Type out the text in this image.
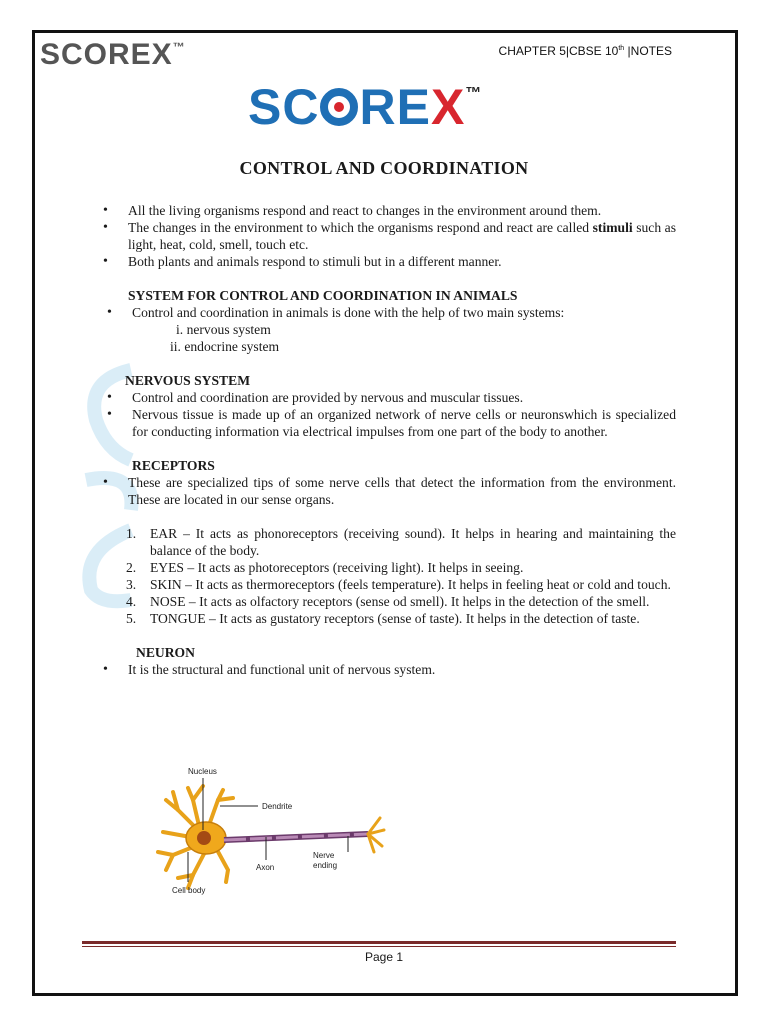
SCOREX™	CHAPTER 5|CBSE 10th |NOTES
SC REX™
CONTROL AND COORDINATION
• All the living organisms respond and react to changes in the environment around them.
• The changes in the environment to which the organisms respond and react are called stimuli such as light, heat, cold, smell, touch etc.
• Both plants and animals respond to stimuli but in a different manner.
SYSTEM FOR CONTROL AND COORDINATION IN ANIMALS
• Control and coordination in animals is done with the help of two main systems:
i. nervous system
ii. endocrine system
NERVOUS SYSTEM
• Control and coordination are provided by nervous and muscular tissues.
• Nervous tissue is made up of an organized network of nerve cells or neuronswhich is specialized for conducting information via electrical impulses from one part of the body to another.
RECEPTORS
• These are specialized tips of some nerve cells that detect the information from the environment. These are located in our sense organs.
1. EAR – It acts as phonoreceptors (receiving sound). It helps in hearing and maintaining the balance of the body.
2. EYES – It acts as photoreceptors (receiving light). It helps in seeing.
3. SKIN – It acts as thermoreceptors (feels temperature). It helps in feeling heat or cold and touch.
4. NOSE – It acts as olfactory receptors (sense od smell). It helps in the detection of the smell.
5. TONGUE – It acts as gustatory receptors (sense of taste). It helps in the detection of taste.
NEURON
• It is the structural and functional unit of nervous system.
Nucleus
Dendrite
Axon
Nerve
ending
Cell body
Page 1
